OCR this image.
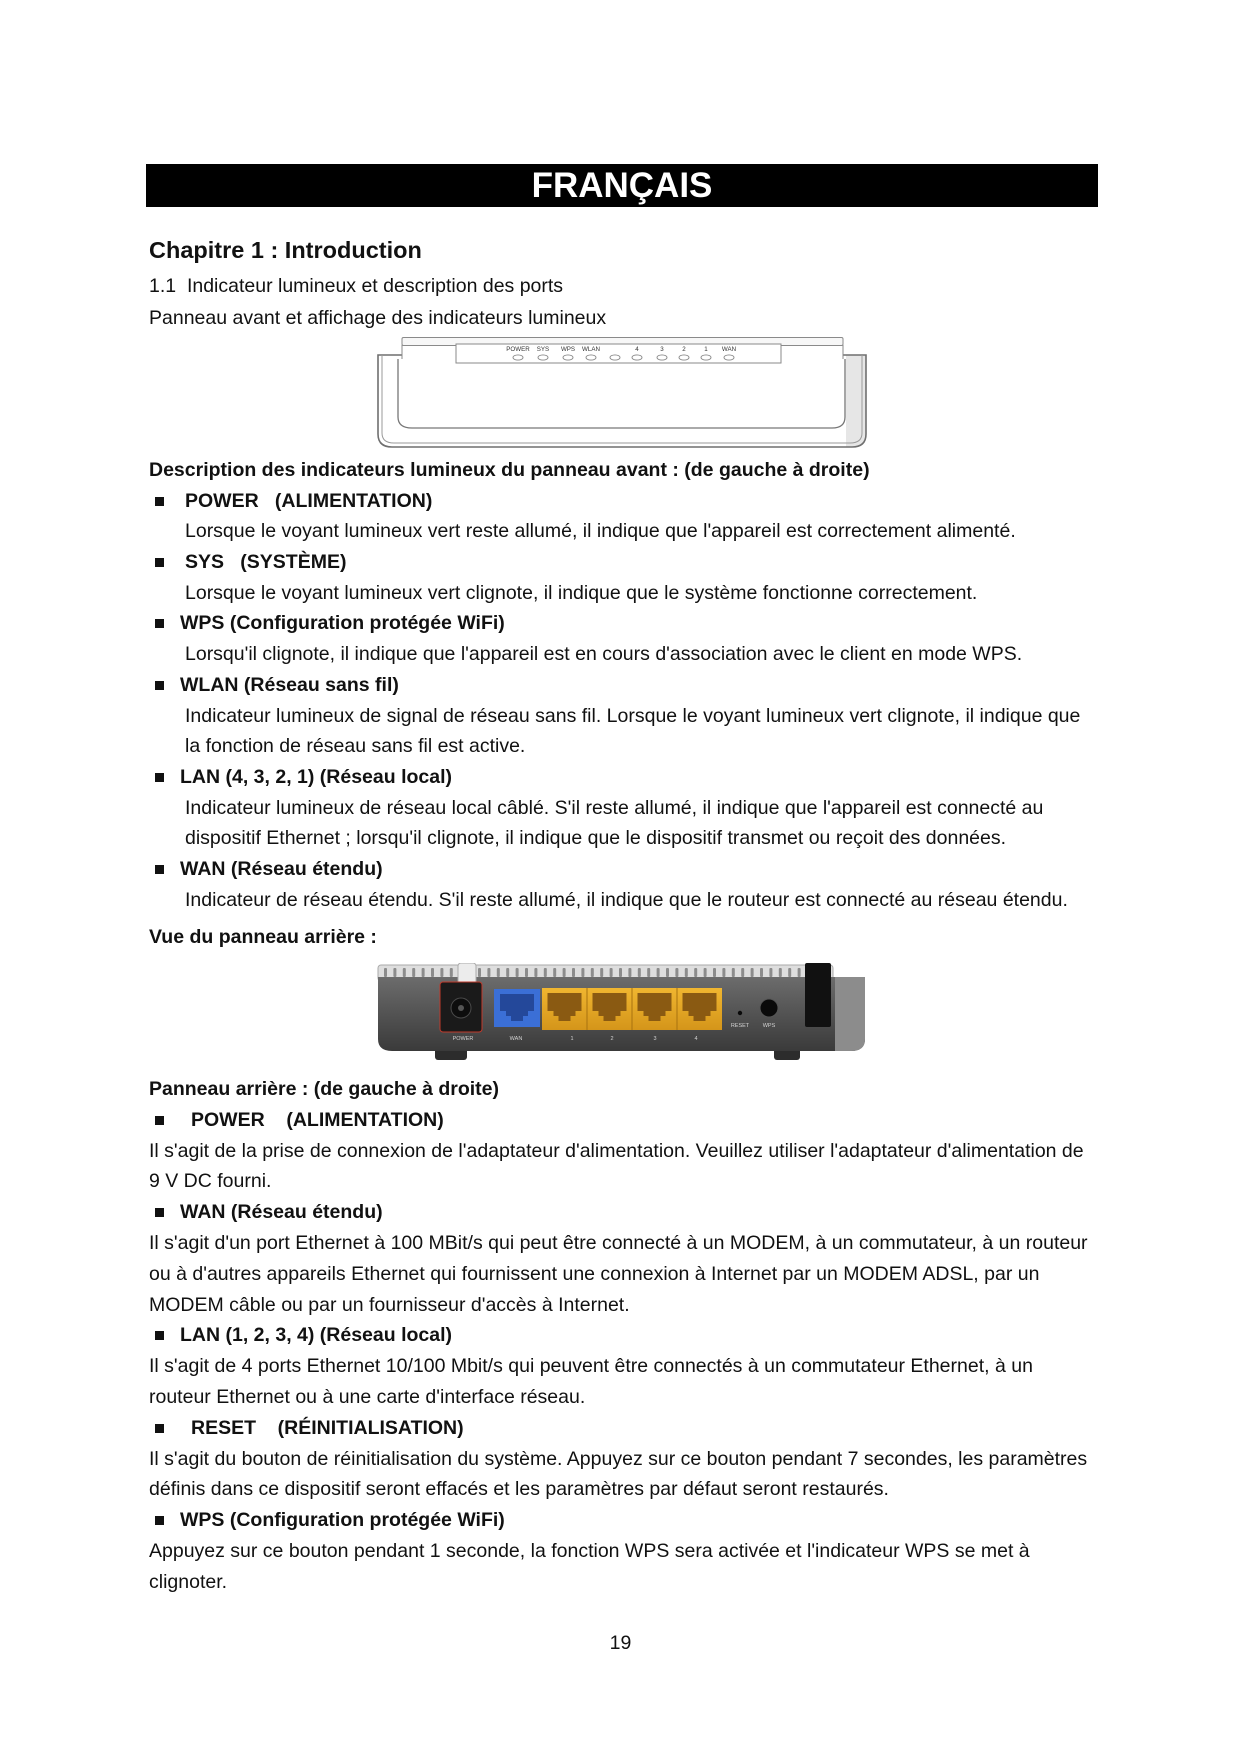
FRANÇAIS
Chapitre 1 : Introduction
1.1  Indicateur lumineux et description des ports
Panneau avant et affichage des indicateurs lumineux
POWER SYS WPS WLAN	4	3	2	1 WAN
Description des indicateurs lumineux du panneau avant : (de gauche à droite)
POWER   (ALIMENTATION)
Lorsque le voyant lumineux vert reste allumé, il indique que l'appareil est correctement alimenté.
SYS   (SYSTÈME)
Lorsque le voyant lumineux vert clignote, il indique que le système fonctionne correctement.
WPS (Configuration protégée WiFi)
Lorsqu'il clignote, il indique que l'appareil est en cours d'association avec le client en mode WPS.
WLAN (Réseau sans fil)
Indicateur lumineux de signal de réseau sans fil. Lorsque le voyant lumineux vert clignote, il indique que
la fonction de réseau sans fil est active.
LAN (4, 3, 2, 1) (Réseau local)
Indicateur lumineux de réseau local câblé. S'il reste allumé, il indique que l'appareil est connecté au
dispositif Ethernet ; lorsqu'il clignote, il indique que le dispositif transmet ou reçoit des données.
WAN (Réseau étendu)
Indicateur de réseau étendu. S'il reste allumé, il indique que le routeur est connecté au réseau étendu.
Vue du panneau arrière :
POWER	WAN	1	2	3	4
RESET WPS
Panneau arrière : (de gauche à droite)
POWER    (ALIMENTATION)
Il s'agit de la prise de connexion de l'adaptateur d'alimentation. Veuillez utiliser l'adaptateur d'alimentation de
9 V DC fourni.
WAN (Réseau étendu)
Il s'agit d'un port Ethernet à 100 MBit/s qui peut être connecté à un MODEM, à un commutateur, à un routeur
ou à d'autres appareils Ethernet qui fournissent une connexion à Internet par un MODEM ADSL, par un
MODEM câble ou par un fournisseur d'accès à Internet.
LAN (1, 2, 3, 4) (Réseau local)
Il s'agit de 4 ports Ethernet 10/100 Mbit/s qui peuvent être connectés à un commutateur Ethernet, à un
routeur Ethernet ou à une carte d'interface réseau.
RESET    (RÉINITIALISATION)
Il s'agit du bouton de réinitialisation du système. Appuyez sur ce bouton pendant 7 secondes, les paramètres
définis dans ce dispositif seront effacés et les paramètres par défaut seront restaurés.
WPS (Configuration protégée WiFi)
Appuyez sur ce bouton pendant 1 seconde, la fonction WPS sera activée et l'indicateur WPS se met à
clignoter.
19
